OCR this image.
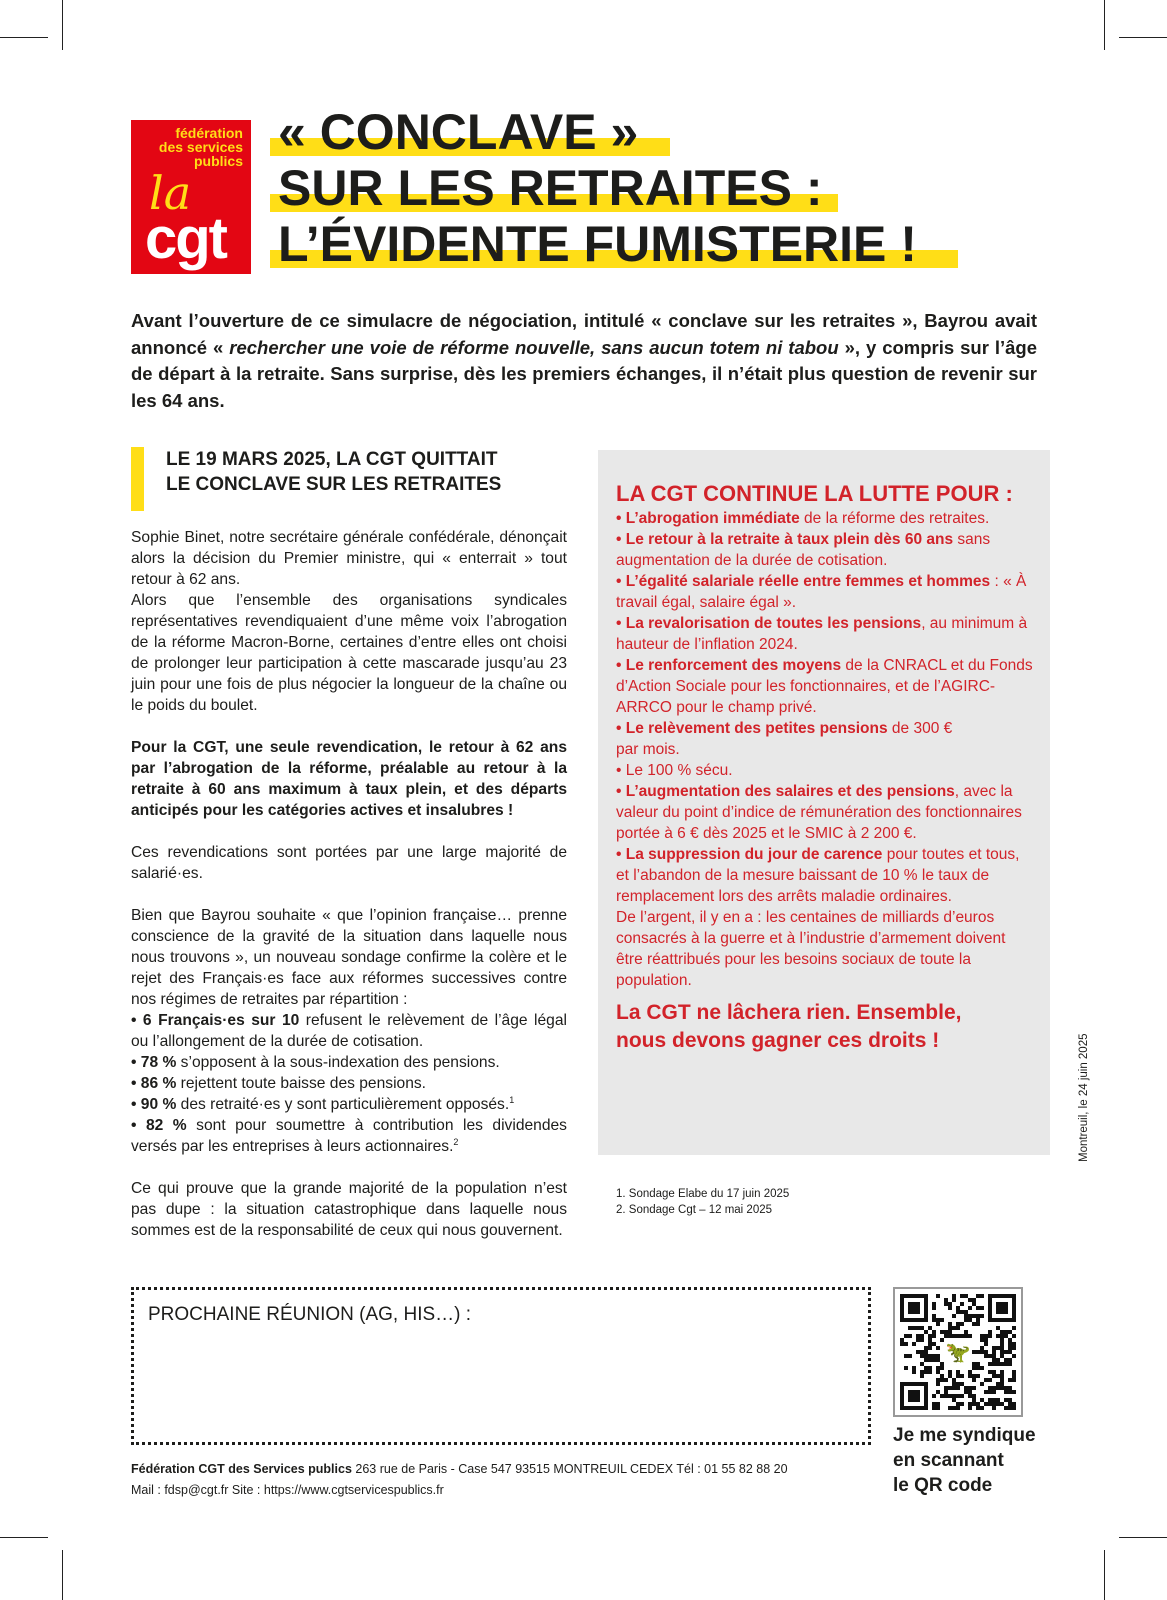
fédération
des services
publics
la
cgt
« CONCLAVE »
SUR LES RETRAITES :
L’ÉVIDENTE FUMISTERIE !
Avant l’ouverture de ce simulacre de négociation, intitulé « conclave sur les retraites », Bayrou avait annoncé « rechercher une voie de réforme nouvelle, sans aucun totem ni tabou », y compris sur l’âge de départ à la retraite. Sans surprise, dès les premiers échanges, il n’était plus question de revenir sur les 64 ans.
LE 19 MARS 2025, LA CGT QUITTAIT
LE CONCLAVE SUR LES RETRAITES

Sophie Binet, notre secrétaire générale confédérale, dénonçait alors la décision du Premier ministre, qui « enterrait » tout retour à 62 ans.

Alors que l’ensemble des organisations syndicales représentatives revendiquaient d’une même voix l’abrogation de la réforme Macron-Borne, certaines d’entre elles ont choisi de prolonger leur participation à cette mascarade jusqu’au 23 juin pour une fois de plus négocier la longueur de la chaîne ou le poids du boulet.

Pour la CGT, une seule revendication, le retour à 62 ans par l’abrogation de la réforme, préalable au retour à la retraite à 60 ans maximum à taux plein, et des départs anticipés pour les catégories actives et insalubres !

Ces revendications sont portées par une large majorité de salarié·es.

Bien que Bayrou souhaite « que l’opinion française… prenne conscience de la gravité de la situation dans laquelle nous nous trouvons », un nouveau sondage confirme la colère et le rejet des Français·es face aux réformes successives contre nos régimes de retraites par répartition :

• 6 Français·es sur 10 refusent le relèvement de l’âge légal ou l’allongement de la durée de cotisation.

• 78 % s’opposent à la sous-indexation des pensions.

• 86 % rejettent toute baisse des pensions.

• 90 % des retraité·es y sont particulièrement opposés.$^1$

• 82 % sont pour soumettre à contribution les dividendes versés par les entreprises à leurs actionnaires.$^2$

Ce qui prouve que la grande majorité de la population n’est pas dupe : la situation catastrophique dans laquelle nous sommes est de la responsabilité de ceux qui nous gouvernent.

LA CGT CONTINUE LA LUTTE POUR :

• L’abrogation immédiate de la réforme des retraites.

• Le retour à la retraite à taux plein dès 60 ans sans augmentation de la durée de cotisation.

• L’égalité salariale réelle entre femmes et hommes : « À travail égal, salaire égal ».

• La revalorisation de toutes les pensions, au minimum à hauteur de l’inflation 2024.

• Le renforcement des moyens de la CNRACL et du Fonds d’Action Sociale pour les fonctionnaires, et de l’AGIRC-ARRCO pour le champ privé.

• Le relèvement des petites pensions de 300 € par mois.

• Le 100 % sécu.

• L’augmentation des salaires et des pensions, avec la valeur du point d’indice de rémunération des fonctionnaires portée à 6 € dès 2025 et le SMIC à 2 200 €.

• La suppression du jour de carence pour toutes et tous, et l’abandon de la mesure baissant de 10 % le taux de remplacement lors des arrêts maladie ordinaires.

De l’argent, il y en a : les centaines de milliards d’euros consacrés à la guerre et à l’industrie d’armement doivent être réattribués pour les besoins sociaux de toute la population.

La CGT ne lâchera rien. Ensemble,
nous devons gagner ces droits !
1. Sondage Elabe du 17 juin 2025
2. Sondage Cgt – 12 mai 2025
Montreuil, le 24 juin 2025
PROCHAINE RÉUNION (AG, HIS…) :
🦖
Je me syndique
en scannant
le QR code
Fédération CGT des Services publics 263 rue de Paris - Case 547 93515 MONTREUIL CEDEX Tél : 01 55 82 88 20
Mail : fdsp@cgt.fr Site : https://www.cgtservicespublics.fr
